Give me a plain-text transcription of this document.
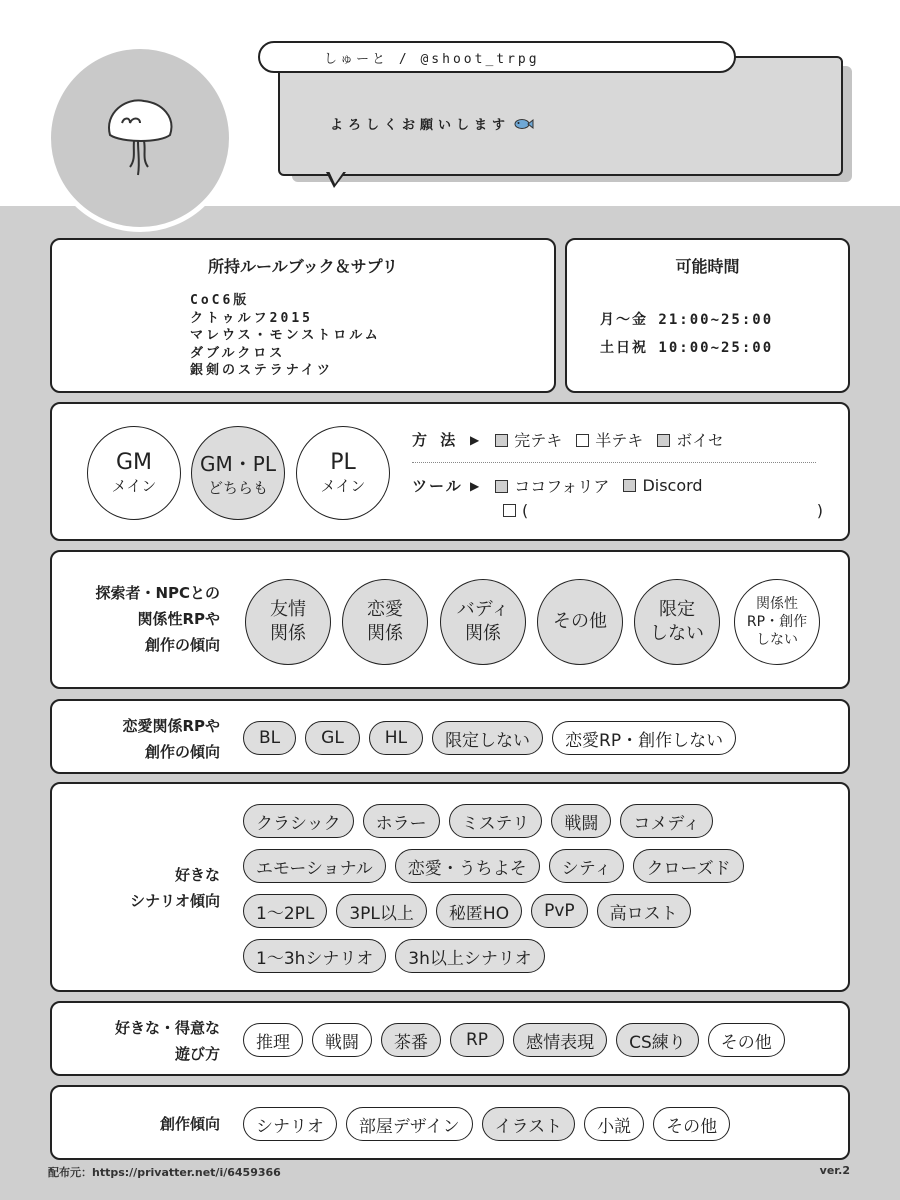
しゅーと / @shoot_trpg
よろしくお願いします
所持ルールブック＆サプリ
CoC6版
クトゥルフ2015
マレウス・モンストロルム
ダブルクロス
銀剣のステラナイツ
可能時間
月～金 21:00~25:00
土日祝 10:00~25:00
GM
メイン
GM・PL
どちらも
PL
メイン
方 法 ▶	完テキ	半テキ	ボイセ
ツール ▶	ココフォリア	Discord
(	)
探索者・NPCとの
関係性RPや
創作の傾向
友情
関係
恋愛
関係
バディ
関係
その他
限定
しない
関係性
RP・創作
しない
恋愛関係RPや
創作の傾向
BL	GL	HL	限定しない	恋愛RP・創作しない
好きな
シナリオ傾向
クラシック	ホラー	ミステリ	戦闘	コメディ
エモーショナル	恋愛・うちよそ	シティ	クローズド
1～2PL	3PL以上	秘匿HO	PvP	高ロスト
1～3hシナリオ	3h以上シナリオ
好きな・得意な
遊び方
推理	戦闘	茶番	RP	感情表現	CS練り	その他
創作傾向	シナリオ	部屋デザイン	イラスト	小説	その他
配布元：https://privatter.net/i/6459366	ver.2
